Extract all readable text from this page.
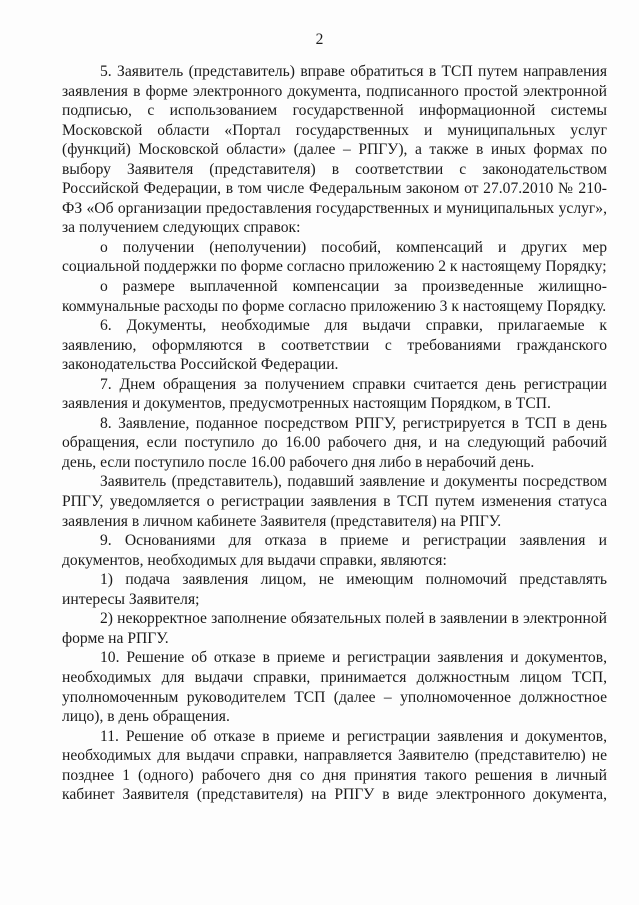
2

5. Заявитель (представитель) вправе обратиться в ТСП путем направления заявления в форме электронного документа, подписанного простой электронной подписью, с использованием государственной информационной системы Московской области «Портал государственных и муниципальных услуг (функций) Московской области» (далее – РПГУ), а также в иных формах по выбору Заявителя (представителя) в соответствии с законодательством Российской Федерации, в том числе Федеральным законом от 27.07.2010 № 210-ФЗ «Об организации предоставления государственных и муниципальных услуг», за получением следующих справок:

о получении (неполучении) пособий, компенсаций и других мер социальной поддержки по форме согласно приложению 2 к настоящему Порядку;

о размере выплаченной компенсации за произведенные жилищно-коммунальные расходы по форме согласно приложению 3 к настоящему Порядку.

6. Документы, необходимые для выдачи справки, прилагаемые к заявлению, оформляются в соответствии с требованиями гражданского законодательства Российской Федерации.

7. Днем обращения за получением справки считается день регистрации заявления и документов, предусмотренных настоящим Порядком, в ТСП.

8. Заявление, поданное посредством РПГУ, регистрируется в ТСП в день обращения, если поступило до 16.00 рабочего дня, и на следующий рабочий день, если поступило после 16.00 рабочего дня либо в нерабочий день.

Заявитель (представитель), подавший заявление и документы посредством РПГУ, уведомляется о регистрации заявления в ТСП путем изменения статуса заявления в личном кабинете Заявителя (представителя) на РПГУ.

9. Основаниями для отказа в приеме и регистрации заявления и документов, необходимых для выдачи справки, являются:

1) подача заявления лицом, не имеющим полномочий представлять интересы Заявителя;

2) некорректное заполнение обязательных полей в заявлении в электронной форме на РПГУ.

10. Решение об отказе в приеме и регистрации заявления и документов, необходимых для выдачи справки, принимается должностным лицом ТСП, уполномоченным руководителем ТСП (далее – уполномоченное должностное лицо), в день обращения.

11. Решение об отказе в приеме и регистрации заявления и документов, необходимых для выдачи справки, направляется Заявителю (представителю) не позднее 1 (одного) рабочего дня со дня принятия такого решения в личный кабинет Заявителя (представителя) на РПГУ в виде электронного документа,
